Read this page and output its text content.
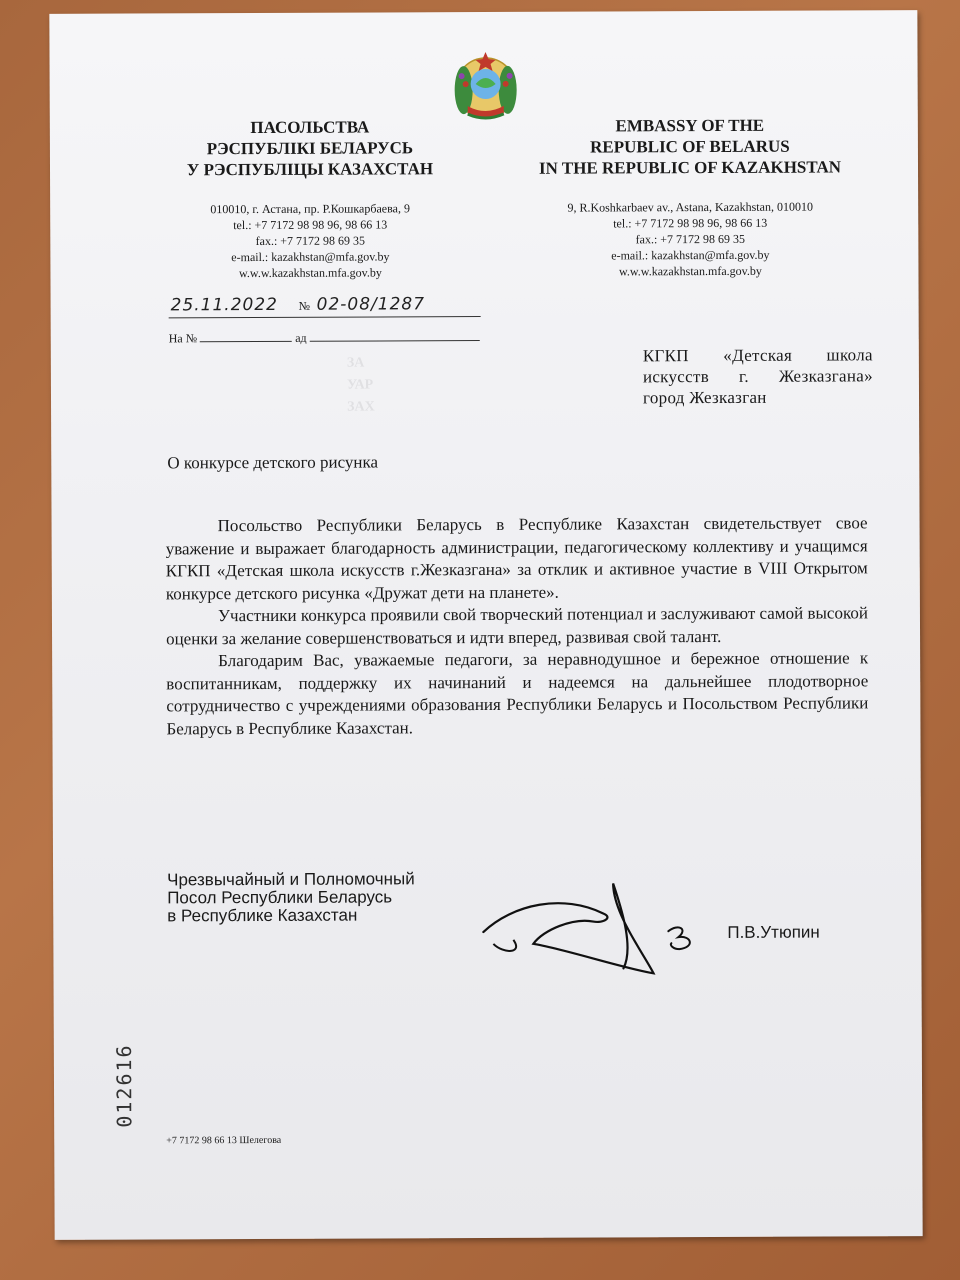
ПАСОЛЬСТВА
РЭСПУБЛІКІ БЕЛАРУСЬ
У РЭСПУБЛІЦЫ КАЗАХСТАН
EMBASSY OF THE
REPUBLIC OF BELARUS
IN THE REPUBLIC OF KAZAKHSTAN
010010, г. Астана, пр. Р.Кошкарбаева, 9
tel.: +7 7172 98 98 96, 98 66 13
fax.: +7 7172 98 69 35
e-mail.: kazakhstan@mfa.gov.by
w.w.w.kazakhstan.mfa.gov.by
9, R.Koshkarbaev av., Astana, Kazakhstan, 010010
tel.: +7 7172 98 98 96, 98 66 13
fax.: +7 7172 98 69 35
e-mail.: kazakhstan@mfa.gov.by
w.w.w.kazakhstan.mfa.gov.by
25.11.2022 № 02-08/1287
На №	ад
ЗА
УАР
ЗАХ
КГКП «Детская школа
искусств г. Жезказгана»
город Жезказган
О конкурсе детского рисунка

Посольство Республики Беларусь в Республике Казахстан свидетельствует свое уважение и выражает благодарность администрации, педагогическому коллективу и учащимся КГКП «Детская школа искусств г.Жезказгана» за отклик и активное участие в VIII Открытом конкурсе детского рисунка «Дружат дети на планете».

Участники конкурса проявили свой творческий потенциал и заслуживают самой высокой оценки за желание совершенствоваться и идти вперед, развивая свой талант.

Благодарим Вас, уважаемые педагоги, за неравнодушное и бережное отношение к воспитанникам, поддержку их начинаний и надеемся на дальнейшее плодотворное сотрудничество с учреждениями образования Республики Беларусь и Посольством Республики Беларусь в Республике Казахстан.

Чрезвычайный и Полномочный
Посол Республики Беларусь
в Республике Казахстан
П.В.Утюпин
012616
+7 7172 98 66 13 Шелегова
